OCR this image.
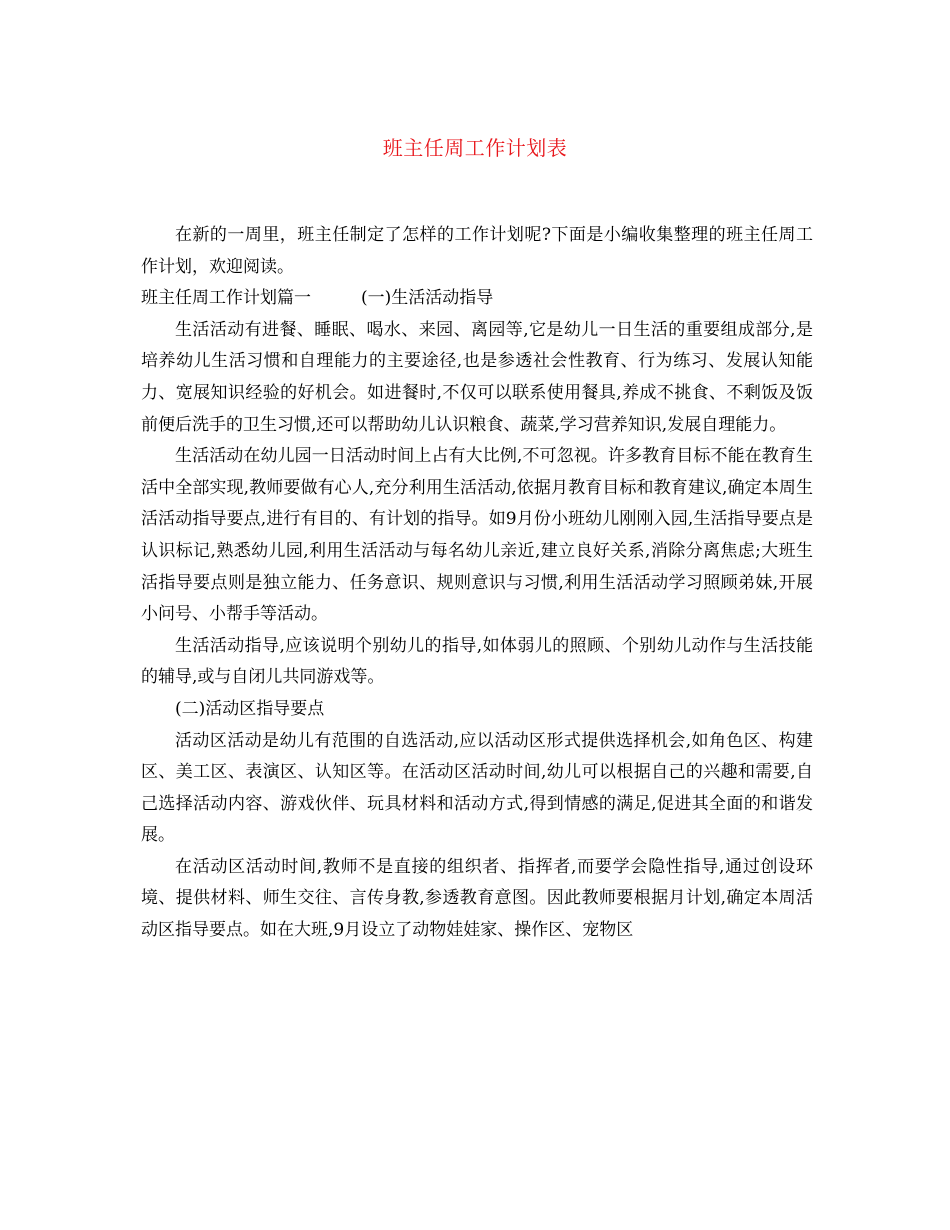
班主任周工作计划表

在新的一周里，班主任制定了怎样的工作计划呢?下面是小编收集整理的班主任周工作计划，欢迎阅读。

班主任周工作计划篇一	(一)生活活动指导

生活活动有进餐、睡眠、喝水、来园、离园等,它是幼儿一日生活的重要组成部分,是培养幼儿生活习惯和自理能力的主要途径,也是参透社会性教育、行为练习、发展认知能力、宽展知识经验的好机会。如进餐时,不仅可以联系使用餐具,养成不挑食、不剩饭及饭前便后洗手的卫生习惯,还可以帮助幼儿认识粮食、蔬菜,学习营养知识,发展自理能力。

生活活动在幼儿园一日活动时间上占有大比例,不可忽视。许多教育目标不能在教育生活中全部实现,教师要做有心人,充分利用生活活动,依据月教育目标和教育建议,确定本周生活活动指导要点,进行有目的、有计划的指导。如9月份小班幼儿刚刚入园,生活指导要点是认识标记,熟悉幼儿园,利用生活活动与每名幼儿亲近,建立良好关系,消除分离焦虑;大班生活指导要点则是独立能力、任务意识、规则意识与习惯,利用生活活动学习照顾弟妹,开展小问号、小帮手等活动。

生活活动指导,应该说明个别幼儿的指导,如体弱儿的照顾、个别幼儿动作与生活技能的辅导,或与自闭儿共同游戏等。

(二)活动区指导要点

活动区活动是幼儿有范围的自选活动,应以活动区形式提供选择机会,如角色区、构建区、美工区、表演区、认知区等。在活动区活动时间,幼儿可以根据自己的兴趣和需要,自己选择活动内容、游戏伙伴、玩具材料和活动方式,得到情感的满足,促进其全面的和谐发展。

在活动区活动时间,教师不是直接的组织者、指挥者,而要学会隐性指导,通过创设环境、提供材料、师生交往、言传身教,参透教育意图。因此教师要根据月计划,确定本周活动区指导要点。如在大班,9月设立了动物娃娃家、操作区、宠物区
